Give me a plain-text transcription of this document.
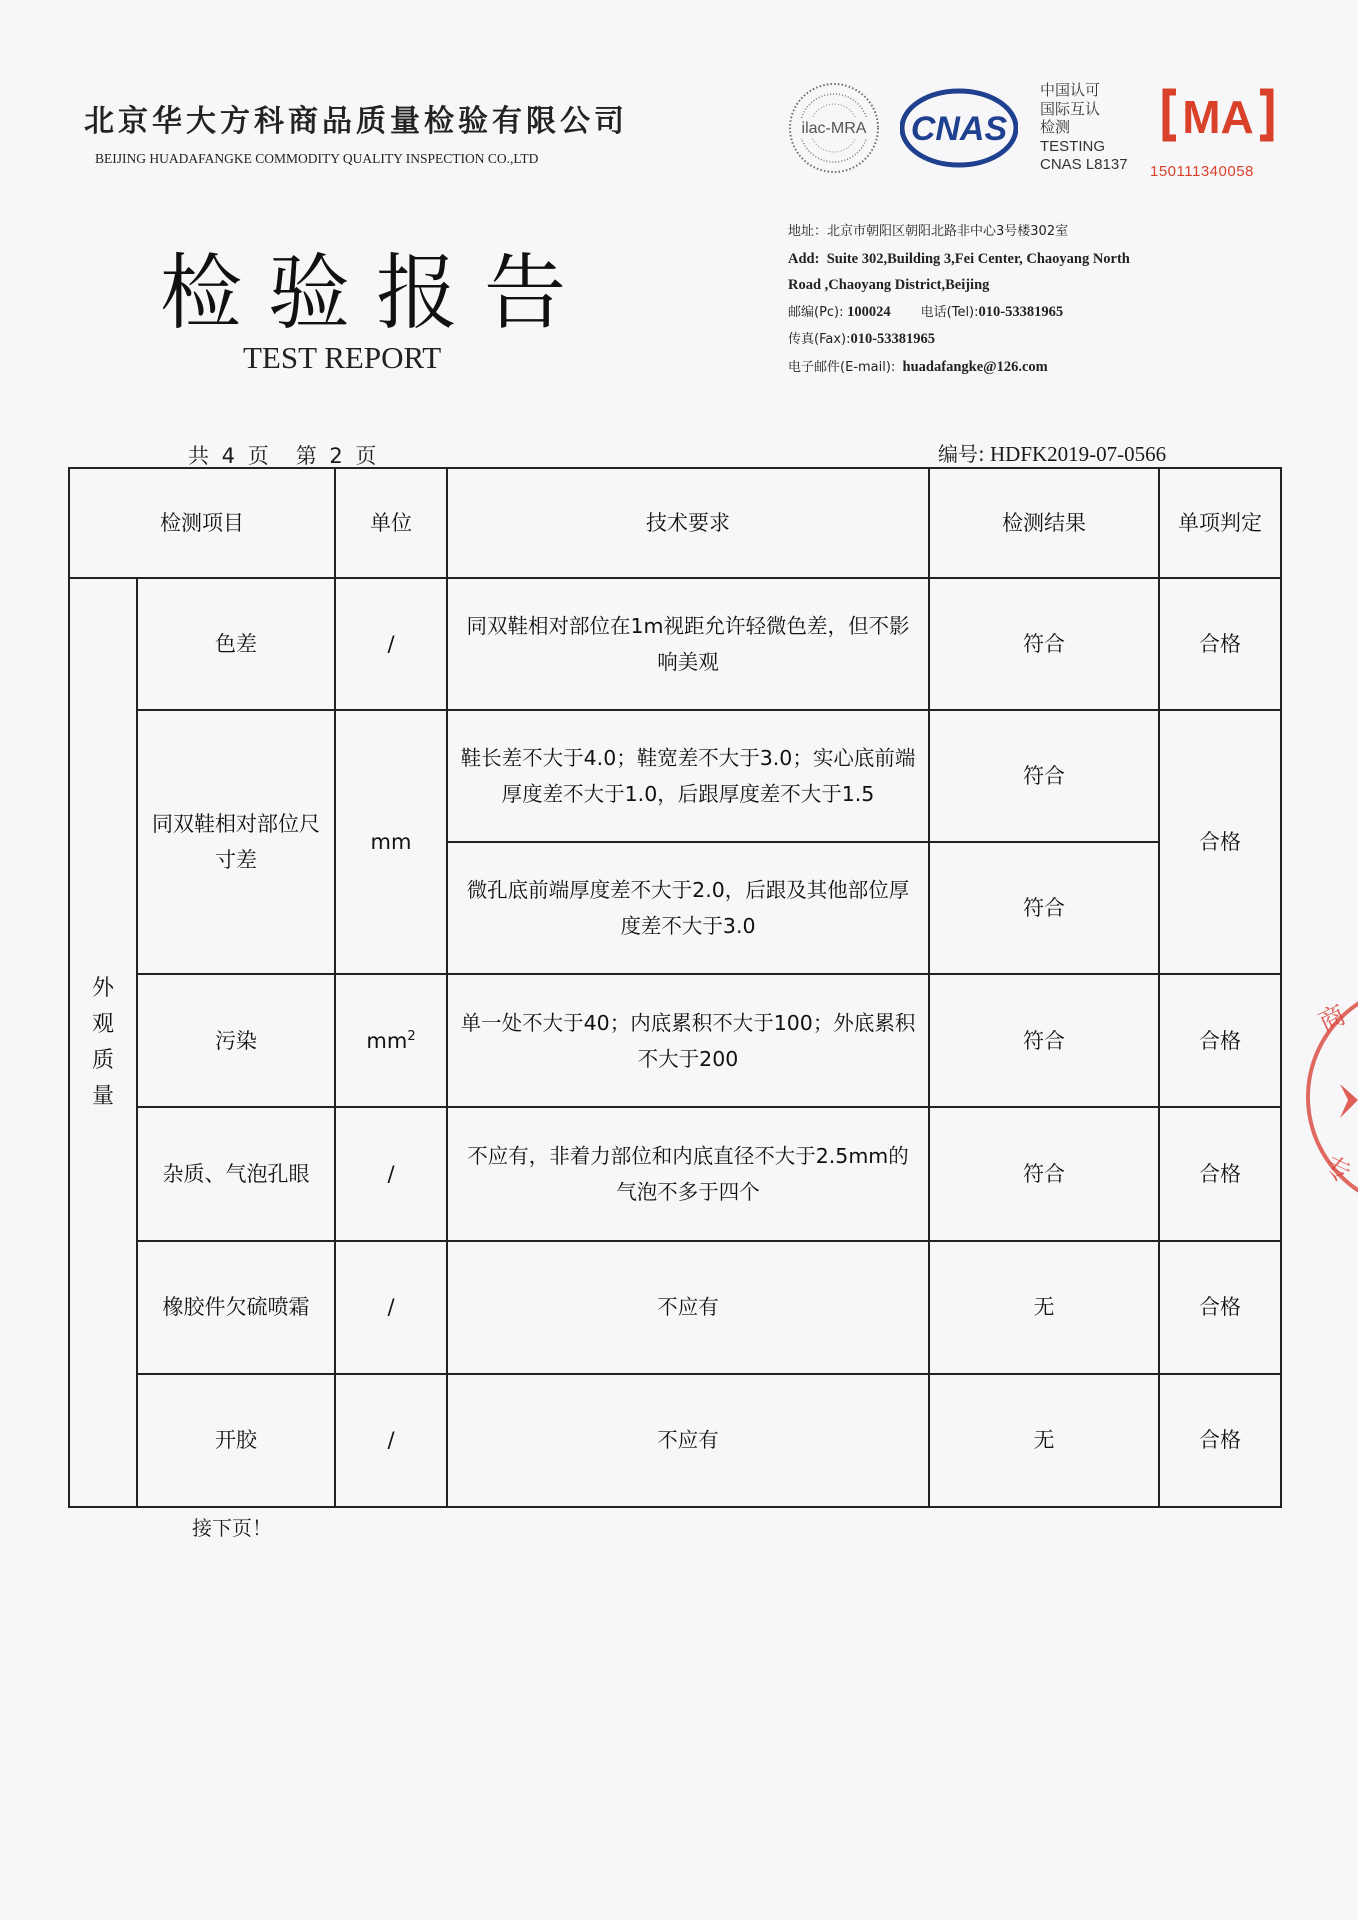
北京华大方科商品质量检验有限公司
BEIJING HUADAFANGKE COMMODITY QUALITY INSPECTION CO.,LTD
检验报告
TEST REPORT
ilac-MRA CNAS
中国认可
国际互认
检测
TESTING
CNAS L8137
MA
150111340058
地址：北京市朝阳区朝阳北路非中心3号楼302室
Add: Suite 302,Building 3,Fei Center, Chaoyang North
Road ,Chaoyang District,Beijing
邮编(Pc): 100024 电话(Tel):010-53381965
传真(Fax):010-53381965
电子邮件(E-mail): huadafangke@126.com
共 4 页　第 2 页	编号: HDFK2019-07-0566
检测项目		单位	技术要求	检测结果	单项判定

外
观
质
量	色差	/	同双鞋相对部位在1m视距允许轻微色差，但不影响美观	符合	合格
	同双鞋相对部位尺寸差	mm	鞋长差不大于4.0；鞋宽差不大于3.0；实心底前端厚度差不大于1.0，后跟厚度差不大于1.5	符合	合格
			微孔底前端厚度差不大于2.0，后跟及其他部位厚度差不大于3.0	符合	
	污染	$mm^2$	单一处不大于40；内底累积不大于100；外底累积不大于200	符合	合格
	杂质、气泡孔眼	/	不应有，非着力部位和内底直径不大于2.5mm的气泡不多于四个	符合	合格
	橡胶件欠硫喷霜	/	不应有	无	合格
	开胶	/	不应有	无	合格
接下页！
商
专
